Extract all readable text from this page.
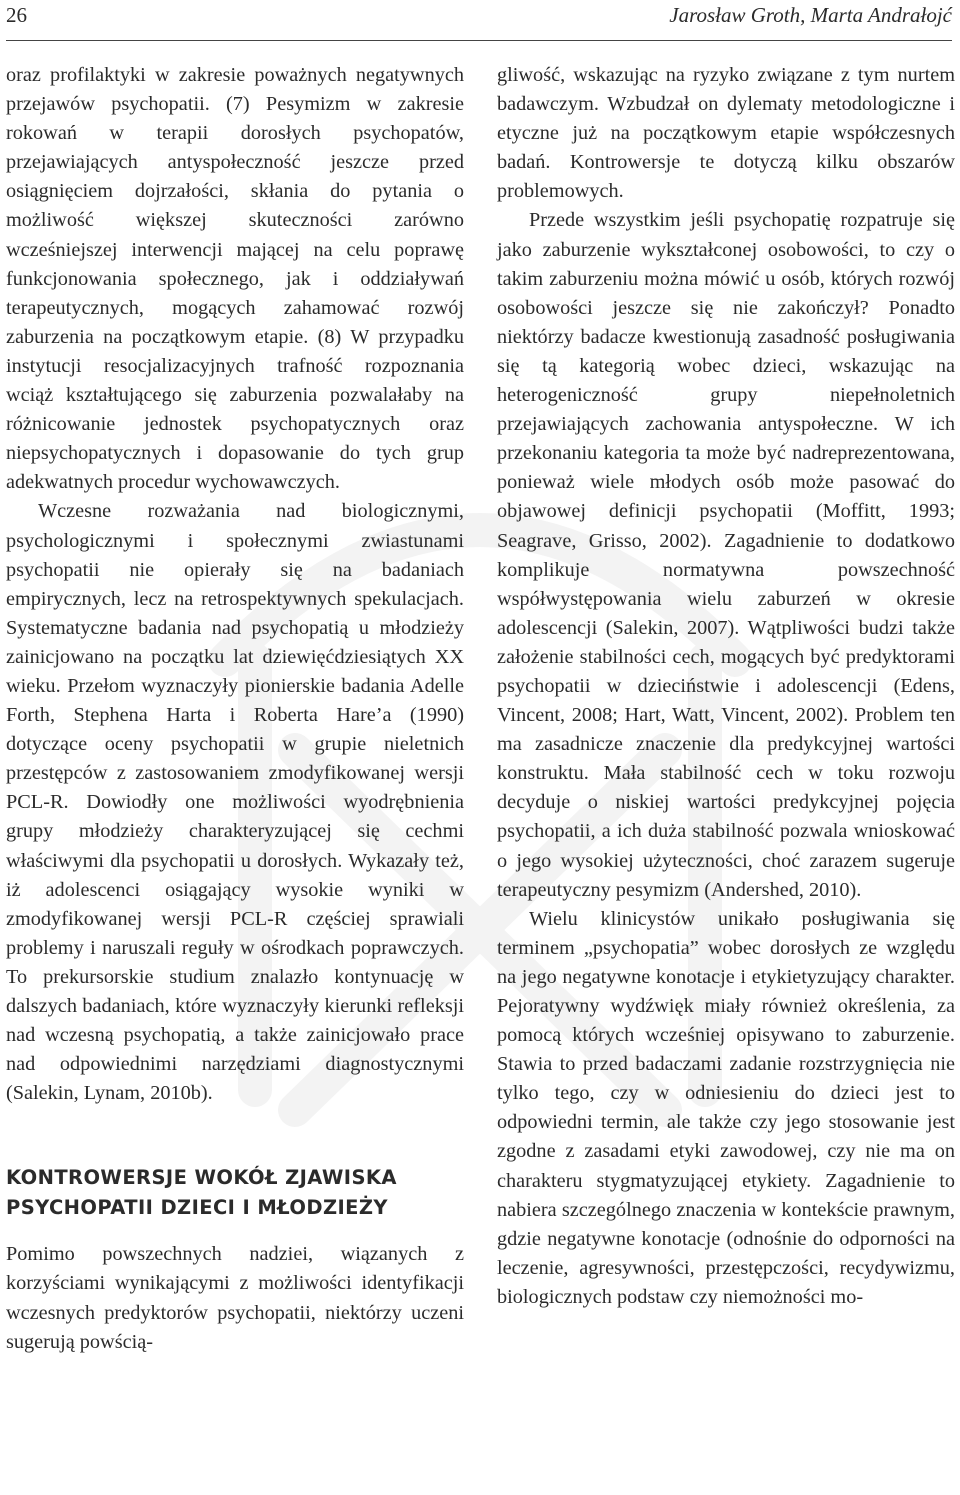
26	Jarosław Groth, Marta Andrałojć

oraz profilaktyki w zakresie poważnych negatywnych przejawów psychopatii. (7) Pesymizm w zakresie rokowań w terapii dorosłych psychopatów, przejawiających antyspołeczność jeszcze przed osiągnięciem dojrzałości, skłania do pytania o możliwość większej skuteczności zarówno wcześniejszej interwencji mającej na celu poprawę funkcjonowania społecznego, jak i oddziaływań terapeutycznych, mogących zahamować rozwój zaburzenia na początkowym etapie. (8) W przypadku instytucji resocjalizacyjnych trafność rozpoznania wciąż kształtującego się zaburzenia pozwalałaby na różnicowanie jednostek psychopatycznych oraz niepsychopatycznych i dopasowanie do tych grup adekwatnych procedur wychowawczych.

Wczesne rozważania nad biologicznymi, psychologicznymi i społecznymi zwiastunami psychopatii nie opierały się na badaniach empirycznych, lecz na retrospektywnych spekulacjach. Systematyczne badania nad psychopatią u młodzieży zainicjowano na początku lat dziewięćdziesiątych XX wieku. Przełom wyznaczyły pionierskie badania Adelle Forth, Stephena Harta i Roberta Hare’a (1990) dotyczące oceny psychopatii w grupie nieletnich przestępców z zastosowaniem zmodyfikowanej wersji PCL-R. Dowiodły one możliwości wyodrębnienia grupy młodzieży charakteryzującej się cechmi właściwymi dla psychopatii u dorosłych. Wykazały też, iż adolescenci osiągający wysokie wyniki w zmodyfikowanej wersji PCL-R częściej sprawiali problemy i naruszali reguły w ośrodkach poprawczych. To prekursorskie studium znalazło kontynuację w dalszych badaniach, które wyznaczyły kierunki refleksji nad wczesną psychopatią, a także zainicjowało prace nad odpowiednimi narzędziami diagnostycznymi (Salekin, Lynam, 2010b).

KONTROWERSJE WOKÓŁ ZJAWISKA PSYCHOPATII DZIECI I MŁODZIEŻY

Pomimo powszechnych nadziei, wiązanych z korzyściami wynikającymi z możliwości identyfikacji wczesnych predyktorów psychopatii, niektórzy uczeni sugerują powścią-

gliwość, wskazując na ryzyko związane z tym nurtem badawczym. Wzbudzał on dylematy metodologiczne i etyczne już na początkowym etapie współczesnych badań. Kontrowersje te dotyczą kilku obszarów problemowych.

Przede wszystkim jeśli psychopatię rozpatruje się jako zaburzenie wykształconej osobowości, to czy o takim zaburzeniu można mówić u osób, których rozwój osobowości jeszcze się nie zakończył? Ponadto niektórzy badacze kwestionują zasadność posługiwania się tą kategorią wobec dzieci, wskazując na heterogeniczność grupy niepełnoletnich przejawiających zachowania antyspołeczne. W ich przekonaniu kategoria ta może być nadreprezentowana, ponieważ wiele młodych osób może pasować do objawowej definicji psychopatii (Moffitt, 1993; Seagrave, Grisso, 2002). Zagadnienie to dodatkowo komplikuje normatywna powszechność współwystępowania wielu zaburzeń w okresie adolescencji (Salekin, 2007). Wątpliwości budzi także założenie stabilności cech, mogących być predyktorami psychopatii w dzieciństwie i adolescencji (Edens, Vincent, 2008; Hart, Watt, Vincent, 2002). Problem ten ma zasadnicze znaczenie dla predykcyjnej wartości konstruktu. Mała stabilność cech w toku rozwoju decyduje o niskiej wartości predykcyjnej pojęcia psychopatii, a ich duża stabilność pozwala wnioskować o jego wysokiej użyteczności, choć zarazem sugeruje terapeutyczny pesymizm (Andershed, 2010).

Wielu klinicystów unikało posługiwania się terminem „psychopatia” wobec dorosłych ze względu na jego negatywne konotacje i etykietyzujący charakter. Pejoratywny wydźwięk miały również określenia, za pomocą których wcześniej opisywano to zaburzenie. Stawia to przed badaczami zadanie rozstrzygnięcia nie tylko tego, czy w odniesieniu do dzieci jest to odpowiedni termin, ale także czy jego stosowanie jest zgodne z zasadami etyki zawodowej, czy nie ma on charakteru stygmatyzującej etykiety. Zagadnienie to nabiera szczególnego znaczenia w kontekście prawnym, gdzie negatywne konotacje (odnośnie do odporności na leczenie, agresywności, przestępczości, recydywizmu, biologicznych podstaw czy niemożności mo-
